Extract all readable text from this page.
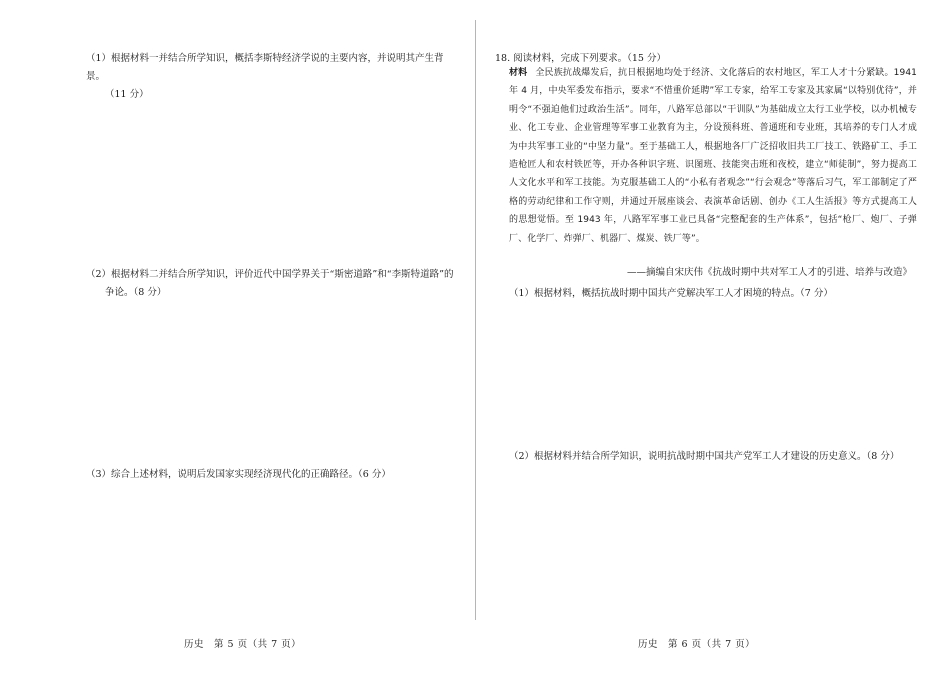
（1）根据材料一并结合所学知识，概括李斯特经济学说的主要内容，并说明其产生背景。
（11 分）
（2）根据材料二并结合所学知识，评价近代中国学界关于“斯密道路”和“李斯特道路”的
争论。（8 分）
（3）综合上述材料，说明后发国家实现经济现代化的正确路径。（6 分）
历史　第 5 页（共 7 页）
18. 阅读材料，完成下列要求。（15 分）
材料 全民族抗战爆发后，抗日根据地均处于经济、文化落后的农村地区，军工人才十分紧缺。1941 年 4 月，中央军委发布指示，要求“不惜重价延聘”军工专家，给军工专家及其家属“以特别优待”，并明令“不强迫他们过政治生活”。同年，八路军总部以“干训队”为基础成立太行工业学校，以办机械专业、化工专业、企业管理等军事工业教育为主，分设预科班、普通班和专业班，其培养的专门人才成为中共军事工业的“中坚力量”。至于基础工人，根据地各厂广泛招收旧共工厂技工、铁路矿工、手工造枪匠人和农村铁匠等，开办各种识字班、识图班、技能突击班和夜校，建立“师徒制”，努力提高工人文化水平和军工技能。为克服基础工人的“小私有者观念”“行会观念”等落后习气，军工部制定了严格的劳动纪律和工作守则，并通过开展座谈会、表演革命话剧、创办《工人生活报》等方式提高工人的思想觉悟。至 1943 年，八路军军事工业已具备“完整配套的生产体系”，包括“枪厂、炮厂、子弹厂、化学厂、炸弹厂、机器厂、煤炭、铁厂等”。
——摘编自宋庆伟《抗战时期中共对军工人才的引进、培养与改造》
（1）根据材料，概括抗战时期中国共产党解决军工人才困境的特点。（7 分）
（2）根据材料并结合所学知识，说明抗战时期中国共产党军工人才建设的历史意义。（8 分）
历史　第 6 页（共 7 页）
